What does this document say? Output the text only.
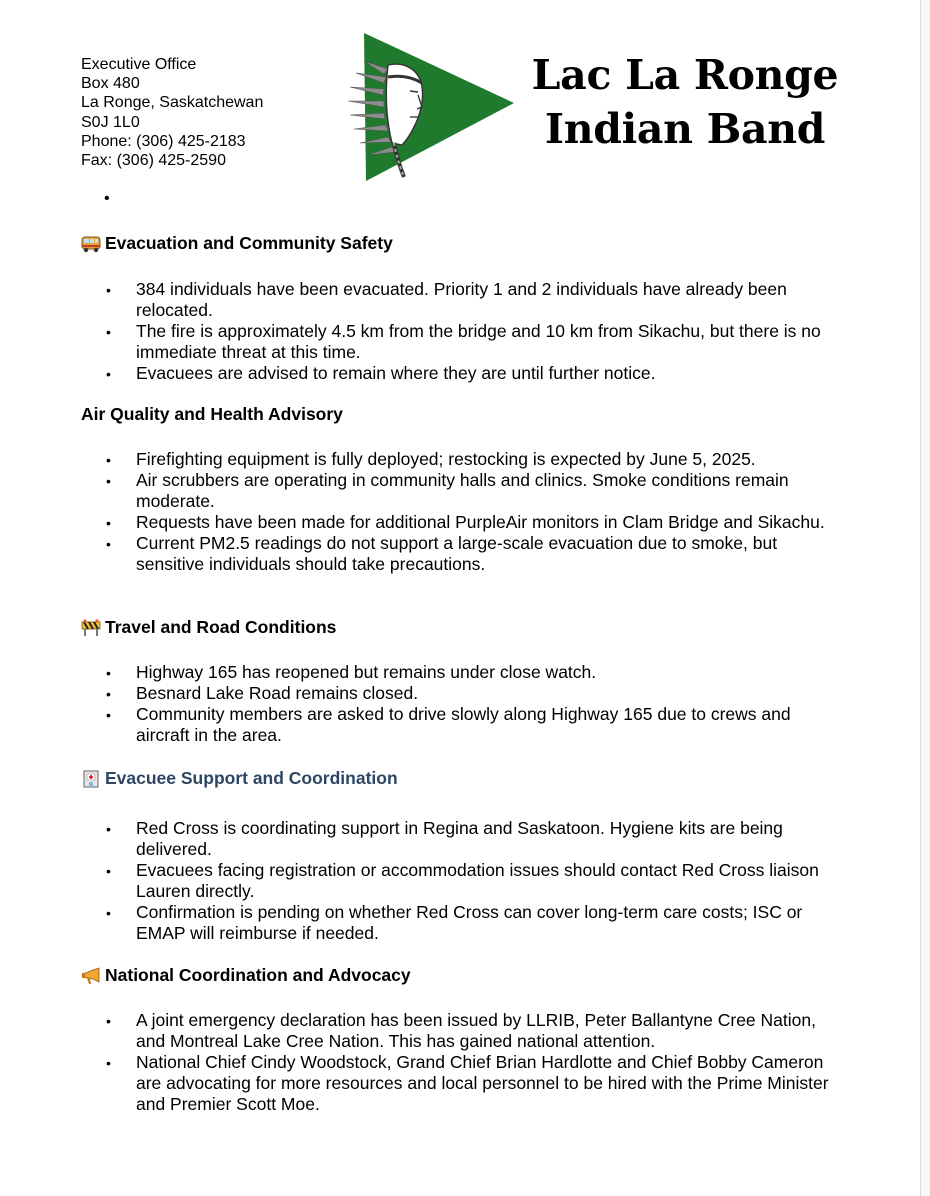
Executive Office
Box 480
La Ronge, Saskatchewan
S0J 1L0
Phone: (306) 425-2183
Fax: (306) 425-2590
Lac La Ronge
Indian Band
•
Evacuation and Community Safety
• 384 individuals have been evacuated. Priority 1 and 2 individuals have already been relocated.
• The fire is approximately 4.5 km from the bridge and 10 km from Sikachu, but there is no immediate threat at this time.
• Evacuees are advised to remain where they are until further notice.
Air Quality and Health Advisory
• Firefighting equipment is fully deployed; restocking is expected by June 5, 2025.
• Air scrubbers are operating in community halls and clinics. Smoke conditions remain moderate.
• Requests have been made for additional PurpleAir monitors in Clam Bridge and Sikachu.
• Current PM2.5 readings do not support a large-scale evacuation due to smoke, but sensitive individuals should take precautions.
Travel and Road Conditions
• Highway 165 has reopened but remains under close watch.
• Besnard Lake Road remains closed.
• Community members are asked to drive slowly along Highway 165 due to crews and aircraft in the area.
Evacuee Support and Coordination
• Red Cross is coordinating support in Regina and Saskatoon. Hygiene kits are being delivered.
• Evacuees facing registration or accommodation issues should contact Red Cross liaison Lauren directly.
• Confirmation is pending on whether Red Cross can cover long-term care costs; ISC or EMAP will reimburse if needed.
National Coordination and Advocacy
• A joint emergency declaration has been issued by LLRIB, Peter Ballantyne Cree Nation, and Montreal Lake Cree Nation. This has gained national attention.
• National Chief Cindy Woodstock, Grand Chief Brian Hardlotte and Chief Bobby Cameron are advocating for more resources and local personnel to be hired with the Prime Minister and Premier Scott Moe.
